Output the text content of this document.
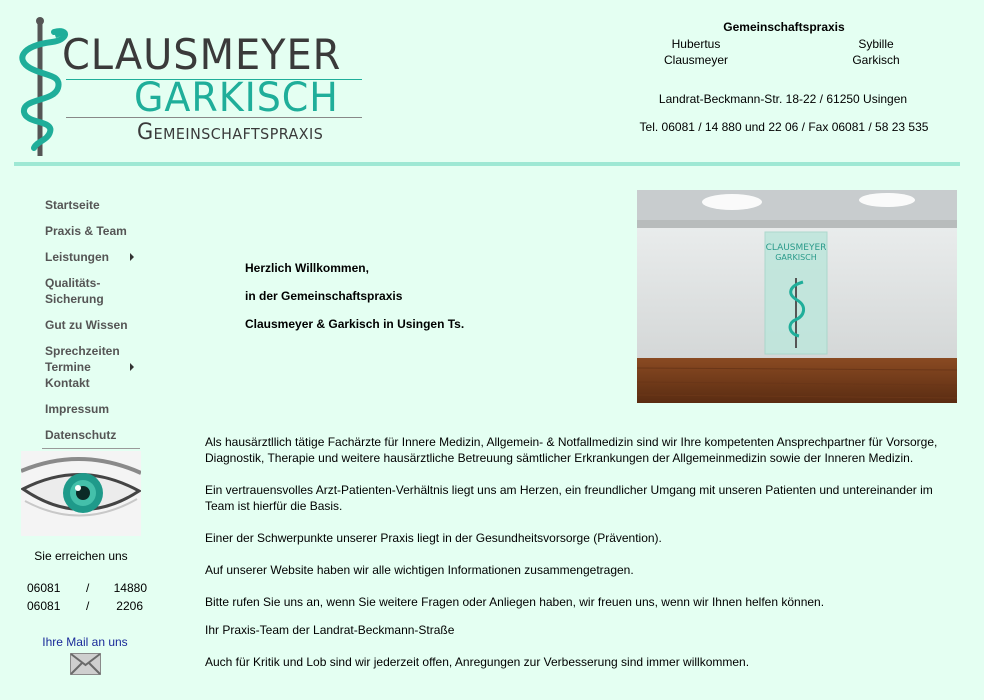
CLAUSMEYER
GARKISCH
Gemeinschaftspraxis
Gemeinschaftspraxis
Hubertus
Clausmeyer
Sybille
Garkisch
Landrat-Beckmann-Str. 18-22 / 61250 Usingen
Tel. 06081 / 14 880 und 22 06 / Fax 06081 / 58 23 535
Startseite
Praxis & Team
Leistungen
Qualitäts-
Sicherung
Gut zu Wissen
Sprechzeiten
Termine
Kontakt
Impressum
Datenschutz
Sie erreichen uns
06081 / 14880
06081 / 2206
Ihre Mail an uns
Herzlich Willkommen,
in der Gemeinschaftspraxis
Clausmeyer & Garkisch in Usingen Ts.
CLAUSMEYER
GARKISCH
Als hausärztllich tätige Fachärzte für Innere Medizin, Allgemein- & Notfallmedizin sind wir Ihre kompetenten Ansprechpartner für Vorsorge, Diagnostik, Therapie und weitere hausärztliche Betreuung sämtlicher Erkrankungen der Allgemeinmedizin sowie der Inneren Medizin.
Ein vertrauensvolles Arzt-Patienten-Verhältnis liegt uns am Herzen, ein freundlicher Umgang mit unseren Patienten und untereinander im Team ist hierfür die Basis.
Einer der Schwerpunkte unserer Praxis liegt in der Gesundheitsvorsorge (Prävention).
Auf unserer Website haben wir alle wichtigen Informationen zusammengetragen.
Bitte rufen Sie uns an, wenn Sie weitere Fragen oder Anliegen haben, wir freuen uns, wenn wir Ihnen helfen können.
Ihr Praxis-Team der Landrat-Beckmann-Straße
Auch für Kritik und Lob sind wir jederzeit offen, Anregungen zur Verbesserung sind immer willkommen.
